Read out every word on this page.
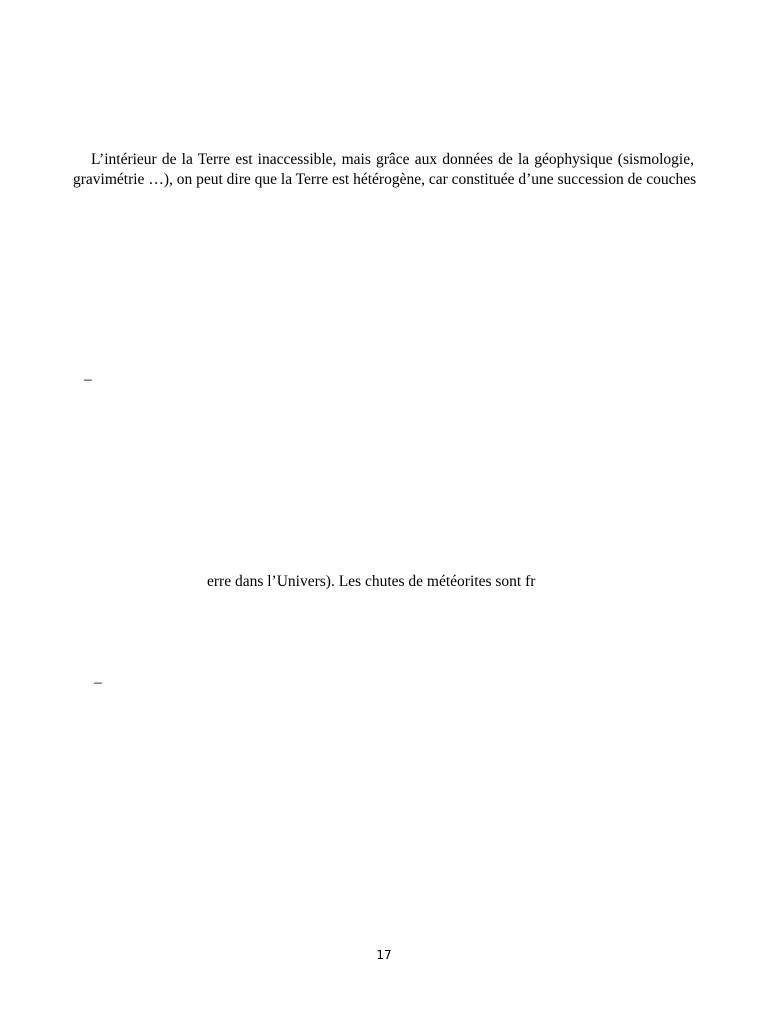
L’intérieur de la Terre est inaccessible, mais grâce aux données de la géophysique (sismologie,
gravimétrie …), on peut dire que la Terre est hétérogène, car constituée d’une succession de couches
–
erre dans l’Univers). Les chutes de météorites sont fr
–
17
